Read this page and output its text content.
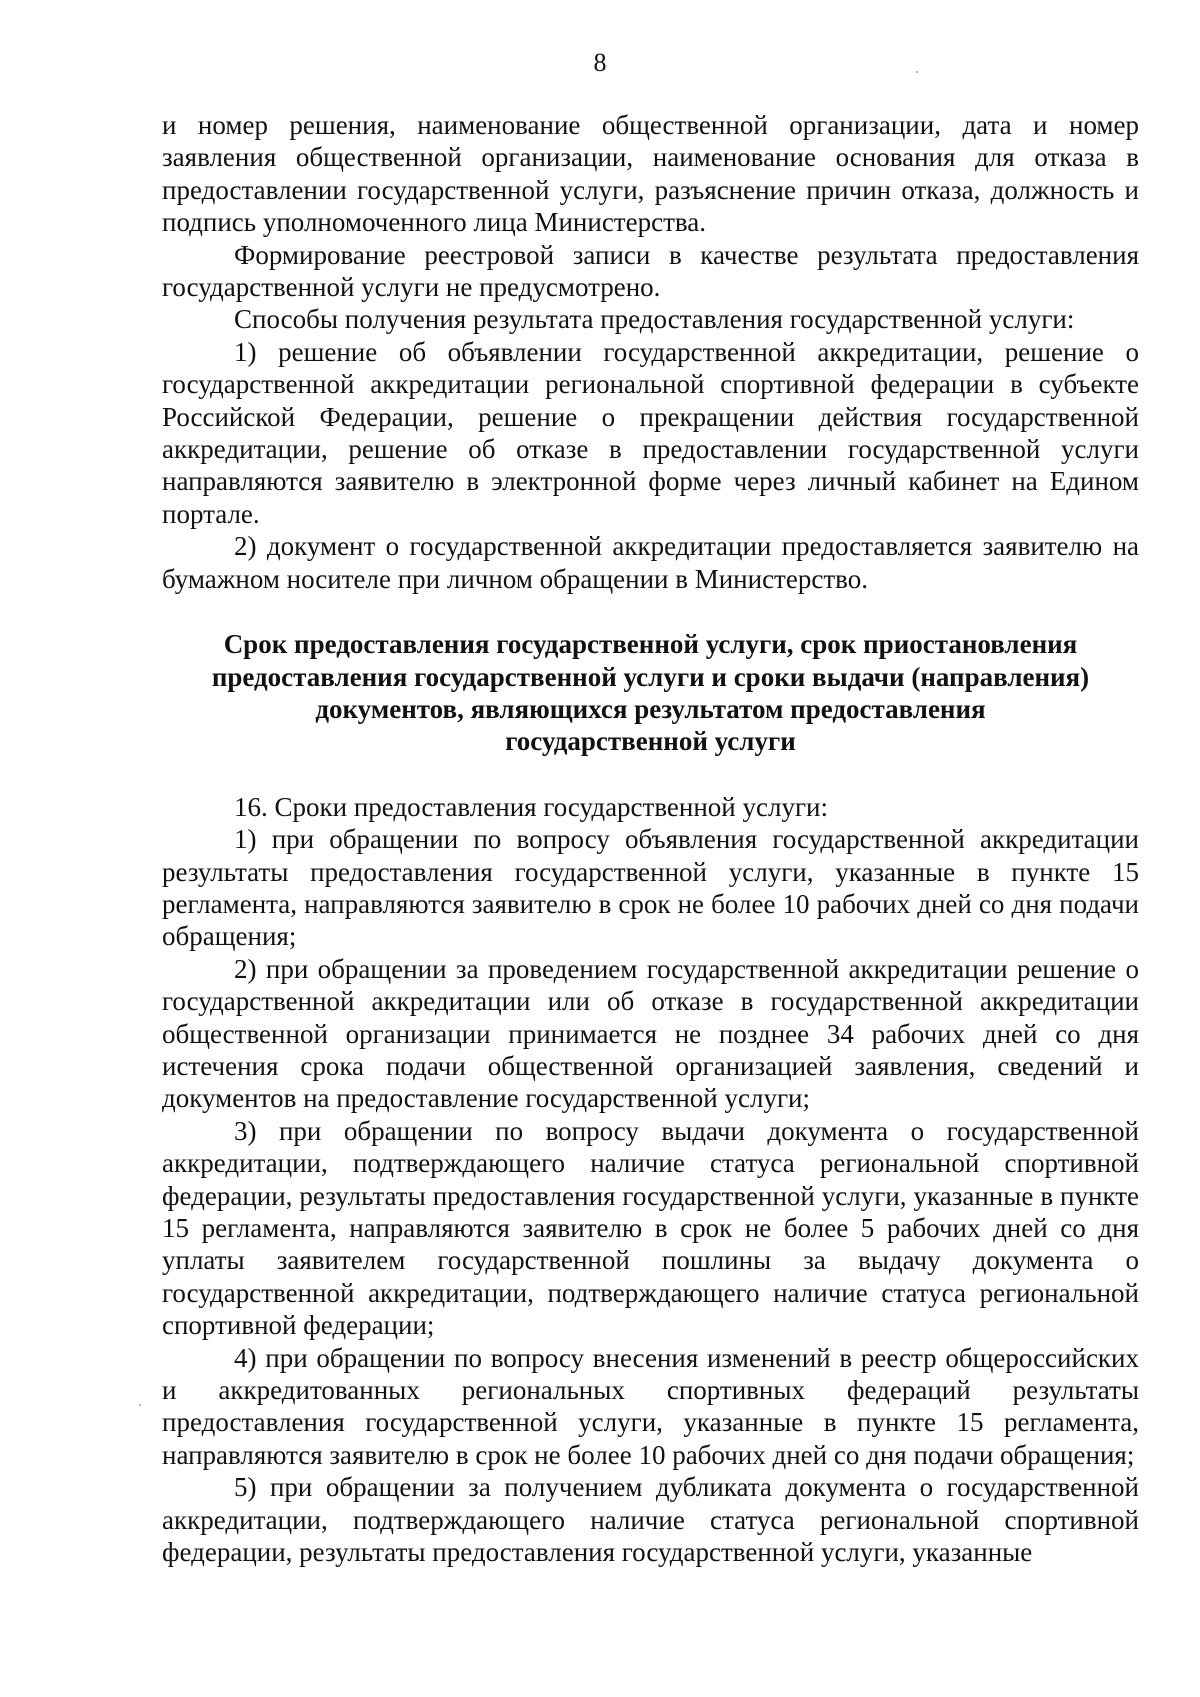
8

и номер решения, наименование общественной организации, дата и номер заявления общественной организации, наименование основания для отказа в предоставлении государственной услуги, разъяснение причин отказа, должность и подпись уполномоченного лица Министерства.

Формирование реестровой записи в качестве результата предоставления государственной услуги не предусмотрено.

Способы получения результата предоставления государственной услуги:

1) решение об объявлении государственной аккредитации, решение о государственной аккредитации региональной спортивной федерации в субъекте Российской Федерации, решение о прекращении действия государственной аккредитации, решение об отказе в предоставлении государственной услуги направляются заявителю в электронной форме через личный кабинет на Едином портале.

2) документ о государственной аккредитации предоставляется заявителю на бумажном носителе при личном обращении в Министерство.

Срок предоставления государственной услуги, срок приостановления
предоставления государственной услуги и сроки выдачи (направления)
документов, являющихся результатом предоставления
государственной услуги

16. Сроки предоставления государственной услуги:

1) при обращении по вопросу объявления государственной аккредитации результаты предоставления государственной услуги, указанные в пункте 15 регламента, направляются заявителю в срок не более 10 рабочих дней со дня подачи обращения;

2) при обращении за проведением государственной аккредитации решение о государственной аккредитации или об отказе в государственной аккредитации общественной организации принимается не позднее 34 рабочих дней со дня истечения срока подачи общественной организацией заявления, сведений и документов на предоставление государственной услуги;

3) при обращении по вопросу выдачи документа о государственной аккредитации, подтверждающего наличие статуса региональной спортивной федерации, результаты предоставления государственной услуги, указанные в пункте 15 регламента, направляются заявителю в срок не более 5 рабочих дней со дня уплаты заявителем государственной пошлины за выдачу документа о государственной аккредитации, подтверждающего наличие статуса региональной спортивной федерации;

4) при обращении по вопросу внесения изменений в реестр общероссийских и аккредитованных региональных спортивных федераций результаты предоставления государственной услуги, указанные в пункте 15 регламента, направляются заявителю в срок не более 10 рабочих дней со дня подачи обращения;

5) при обращении за получением дубликата документа о государственной аккредитации, подтверждающего наличие статуса региональной спортивной федерации, результаты предоставления государственной услуги, указанные
